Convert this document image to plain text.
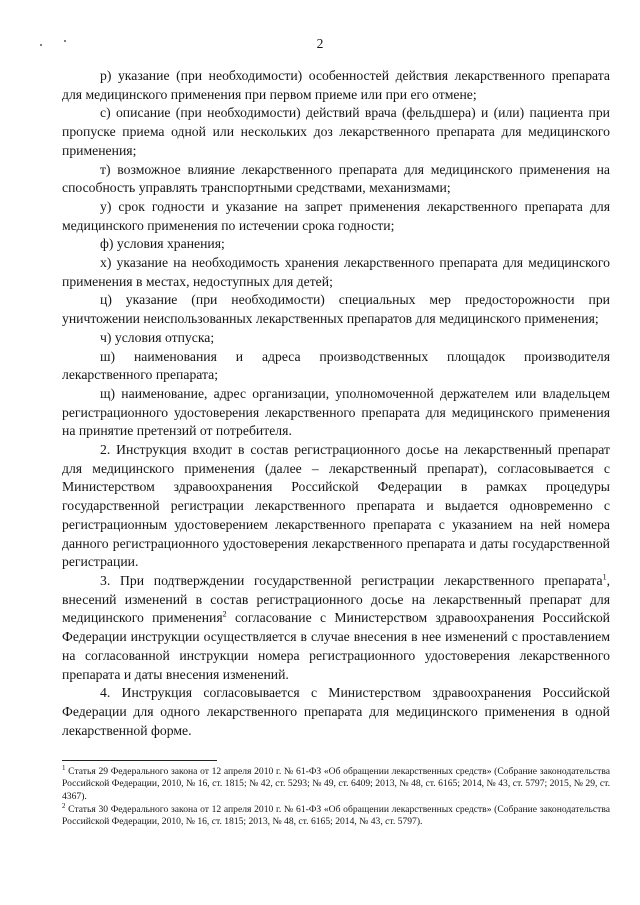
2

р) указание (при необходимости) особенностей действия лекарственного препарата для медицинского применения при первом приеме или при его отмене;

с) описание (при необходимости) действий врача (фельдшера) и (или) пациента при пропуске приема одной или нескольких доз лекарственного препарата для медицинского применения;

т) возможное влияние лекарственного препарата для медицинского применения на способность управлять транспортными средствами, механизмами;

у) срок годности и указание на запрет применения лекарственного препарата для медицинского применения по истечении срока годности;

ф) условия хранения;

х) указание на необходимость хранения лекарственного препарата для медицинского применения в местах, недоступных для детей;

ц) указание (при необходимости) специальных мер предосторожности при уничтожении неиспользованных лекарственных препаратов для медицинского применения;

ч) условия отпуска;

ш) наименования и адреса производственных площадок производителя лекарственного препарата;

щ) наименование, адрес организации, уполномоченной держателем или владельцем регистрационного удостоверения лекарственного препарата для медицинского применения на принятие претензий от потребителя.

2. Инструкция входит в состав регистрационного досье на лекарственный препарат для медицинского применения (далее – лекарственный препарат), согласовывается с Министерством здравоохранения Российской Федерации в рамках процедуры государственной регистрации лекарственного препарата и выдается одновременно с регистрационным удостоверением лекарственного препарата с указанием на ней номера данного регистрационного удостоверения лекарственного препарата и даты государственной регистрации.

3. При подтверждении государственной регистрации лекарственного препарата$^1$, внесений изменений в состав регистрационного досье на лекарственный препарат для медицинского применения$^2$ согласование с Министерством здравоохранения Российской Федерации инструкции осуществляется в случае внесения в нее изменений с проставлением на согласованной инструкции номера регистрационного удостоверения лекарственного препарата и даты внесения изменений.

4. Инструкция согласовывается с Министерством здравоохранения Российской Федерации для одного лекарственного препарата для медицинского применения в одной лекарственной форме.

$^1$ Статья 29 Федерального закона от 12 апреля 2010 г. № 61-ФЗ «Об обращении лекарственных средств» (Собрание законодательства Российской Федерации, 2010, № 16, ст. 1815; № 42, ст. 5293; № 49, ст. 6409; 2013, № 48, ст. 6165; 2014, № 43, ст. 5797; 2015, № 29, ст. 4367).

$^2$ Статья 30 Федерального закона от 12 апреля 2010 г. № 61-ФЗ «Об обращении лекарственных средств» (Собрание законодательства Российской Федерации, 2010, № 16, ст. 1815; 2013, № 48, ст. 6165; 2014, № 43, ст. 5797).
